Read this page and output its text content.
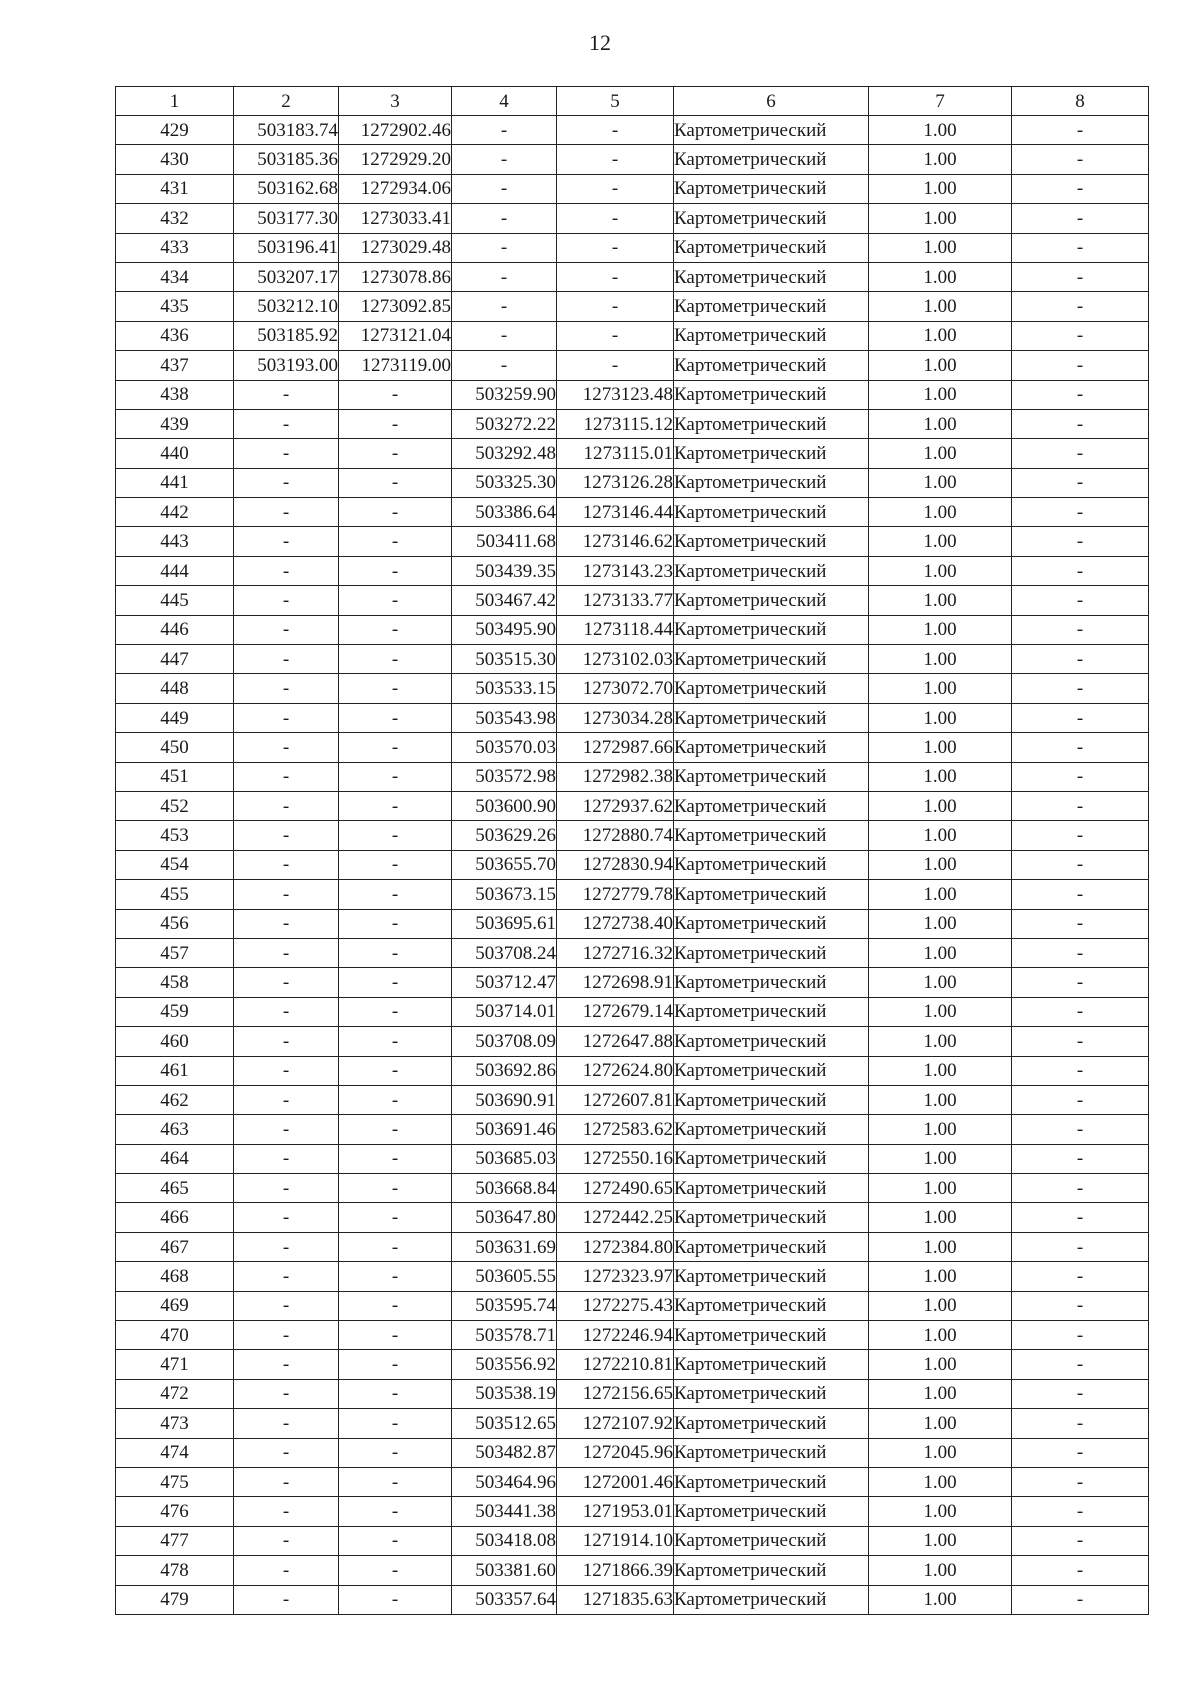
12
1	2	3	4	5	6	7	8
429	503183.74	1272902.46	-	-	Картометрический	1.00	-
430	503185.36	1272929.20	-	-	Картометрический	1.00	-
431	503162.68	1272934.06	-	-	Картометрический	1.00	-
432	503177.30	1273033.41	-	-	Картометрический	1.00	-
433	503196.41	1273029.48	-	-	Картометрический	1.00	-
434	503207.17	1273078.86	-	-	Картометрический	1.00	-
435	503212.10	1273092.85	-	-	Картометрический	1.00	-
436	503185.92	1273121.04	-	-	Картометрический	1.00	-
437	503193.00	1273119.00	-	-	Картометрический	1.00	-
438	-	-	503259.90	1273123.48	Картометрический	1.00	-
439	-	-	503272.22	1273115.12	Картометрический	1.00	-
440	-	-	503292.48	1273115.01	Картометрический	1.00	-
441	-	-	503325.30	1273126.28	Картометрический	1.00	-
442	-	-	503386.64	1273146.44	Картометрический	1.00	-
443	-	-	503411.68	1273146.62	Картометрический	1.00	-
444	-	-	503439.35	1273143.23	Картометрический	1.00	-
445	-	-	503467.42	1273133.77	Картометрический	1.00	-
446	-	-	503495.90	1273118.44	Картометрический	1.00	-
447	-	-	503515.30	1273102.03	Картометрический	1.00	-
448	-	-	503533.15	1273072.70	Картометрический	1.00	-
449	-	-	503543.98	1273034.28	Картометрический	1.00	-
450	-	-	503570.03	1272987.66	Картометрический	1.00	-
451	-	-	503572.98	1272982.38	Картометрический	1.00	-
452	-	-	503600.90	1272937.62	Картометрический	1.00	-
453	-	-	503629.26	1272880.74	Картометрический	1.00	-
454	-	-	503655.70	1272830.94	Картометрический	1.00	-
455	-	-	503673.15	1272779.78	Картометрический	1.00	-
456	-	-	503695.61	1272738.40	Картометрический	1.00	-
457	-	-	503708.24	1272716.32	Картометрический	1.00	-
458	-	-	503712.47	1272698.91	Картометрический	1.00	-
459	-	-	503714.01	1272679.14	Картометрический	1.00	-
460	-	-	503708.09	1272647.88	Картометрический	1.00	-
461	-	-	503692.86	1272624.80	Картометрический	1.00	-
462	-	-	503690.91	1272607.81	Картометрический	1.00	-
463	-	-	503691.46	1272583.62	Картометрический	1.00	-
464	-	-	503685.03	1272550.16	Картометрический	1.00	-
465	-	-	503668.84	1272490.65	Картометрический	1.00	-
466	-	-	503647.80	1272442.25	Картометрический	1.00	-
467	-	-	503631.69	1272384.80	Картометрический	1.00	-
468	-	-	503605.55	1272323.97	Картометрический	1.00	-
469	-	-	503595.74	1272275.43	Картометрический	1.00	-
470	-	-	503578.71	1272246.94	Картометрический	1.00	-
471	-	-	503556.92	1272210.81	Картометрический	1.00	-
472	-	-	503538.19	1272156.65	Картометрический	1.00	-
473	-	-	503512.65	1272107.92	Картометрический	1.00	-
474	-	-	503482.87	1272045.96	Картометрический	1.00	-
475	-	-	503464.96	1272001.46	Картометрический	1.00	-
476	-	-	503441.38	1271953.01	Картометрический	1.00	-
477	-	-	503418.08	1271914.10	Картометрический	1.00	-
478	-	-	503381.60	1271866.39	Картометрический	1.00	-
479	-	-	503357.64	1271835.63	Картометрический	1.00	-
